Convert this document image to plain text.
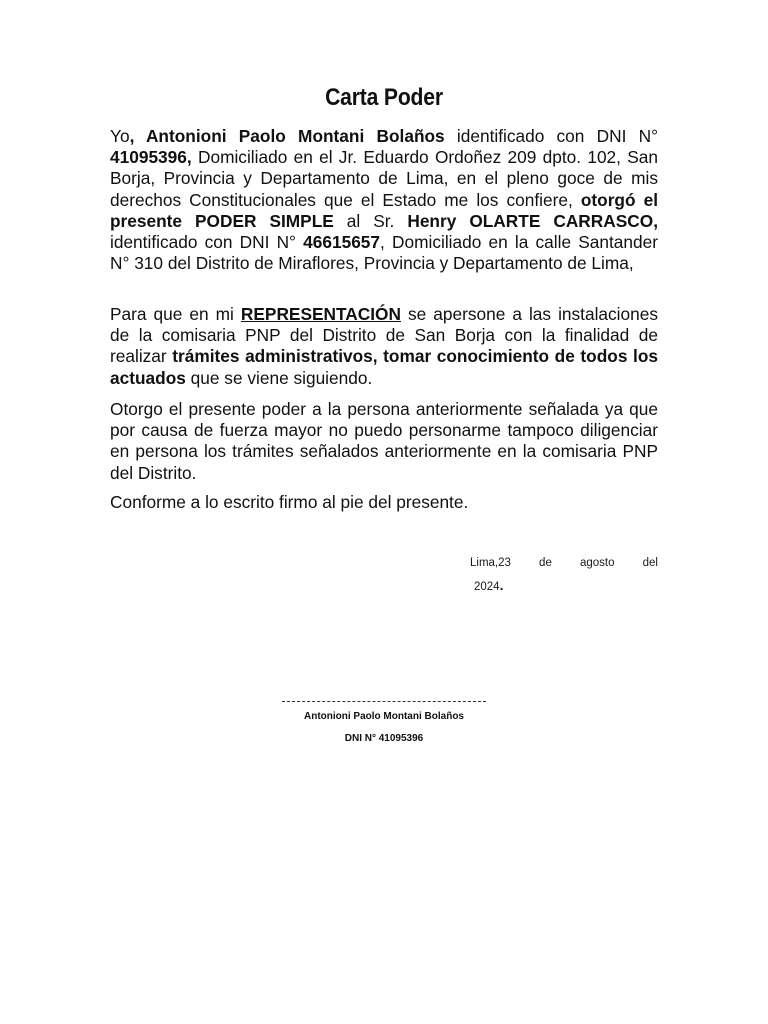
Carta Poder
Yo, Antonioni Paolo Montani Bolaños identificado con DNI N° 41095396, Domiciliado en el Jr. Eduardo Ordoñez 209 dpto. 102, San Borja, Provincia y Departamento de Lima, en el pleno goce de mis derechos Constitucionales que el Estado me los confiere, otorgó el presente PODER SIMPLE al Sr. Henry OLARTE CARRASCO, identificado con DNI N° 46615657, Domiciliado en la calle Santander N° 310 del Distrito de Miraflores, Provincia y Departamento de Lima,
Para que en mi REPRESENTACIÓN se apersone a las instalaciones de la comisaria PNP del Distrito de San Borja con la finalidad de realizar trámites administrativos, tomar conocimiento de todos los actuados que se viene siguiendo.
Otorgo el presente poder a la persona anteriormente señalada ya que por causa de fuerza mayor no puedo personarme tampoco diligenciar en persona los trámites señalados anteriormente en la comisaria PNP del Distrito.
Conforme a lo escrito firmo al pie del presente.
Lima,23 de agosto del
2024.
Antonioni Paolo Montani Bolaños
DNI N° 41095396
